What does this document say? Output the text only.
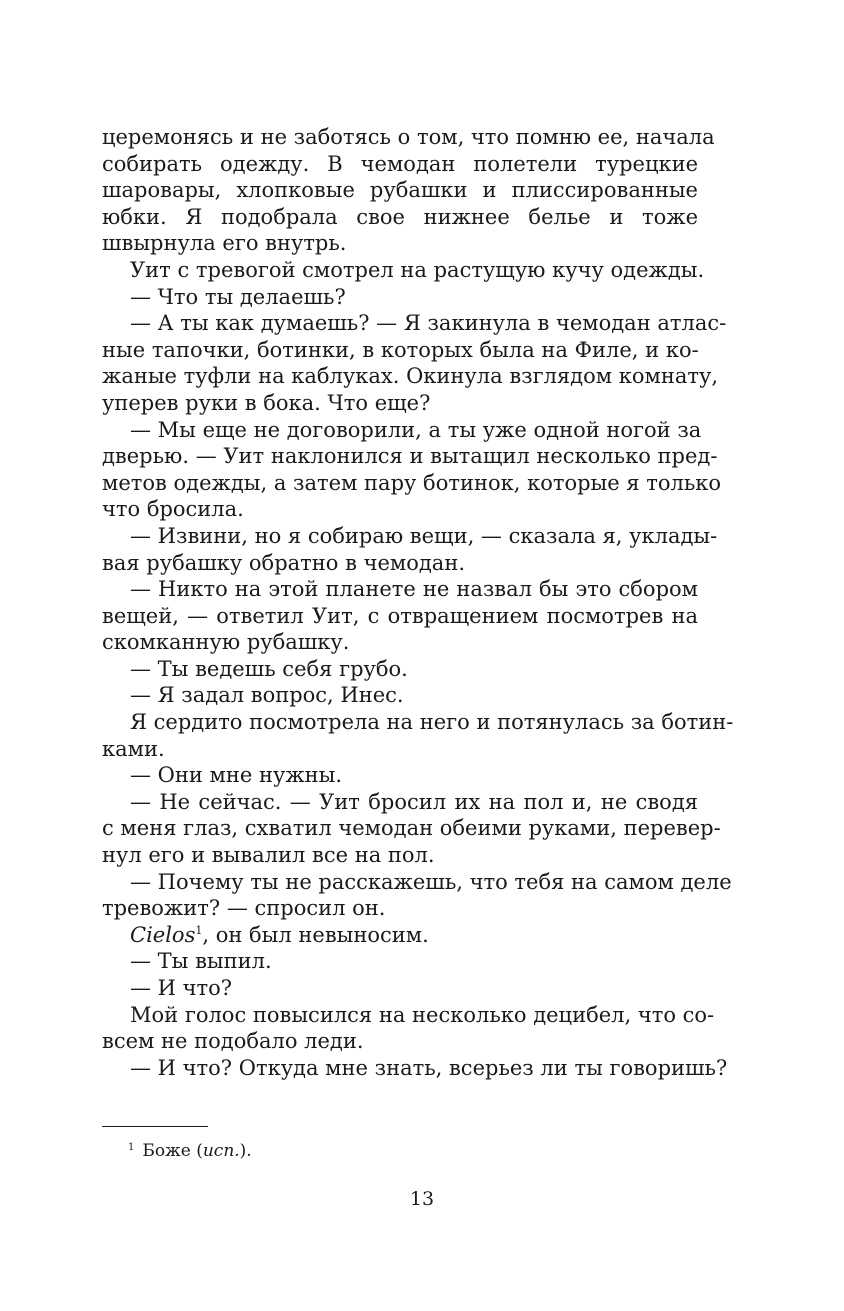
церемонясь и не заботясь о том, что помню ее, начала
собирать одежду. В чемодан полетели турецкие
шаровары, хлопковые рубашки и плиссированные
юбки. Я подобрала свое нижнее белье и тоже
швырнула его внутрь.
Уит с тревогой смотрел на растущую кучу одежды.
— Что ты делаешь?
— А ты как думаешь? — Я закинула в чемодан атлас-
ные тапочки, ботинки, в которых была на Филе, и ко-
жаные туфли на каблуках. Окинула взглядом комнату,
уперев руки в бока. Что еще?
— Мы еще не договорили, а ты уже одной ногой за
дверью. — Уит наклонился и вытащил несколько пред-
метов одежды, а затем пару ботинок, которые я только
что бросила.
— Извини, но я собираю вещи, — сказала я, уклады-
вая рубашку обратно в чемодан.
— Никто на этой планете не назвал бы это сбором
вещей, — ответил Уит, с отвращением посмотрев на
скомканную рубашку.
— Ты ведешь себя грубо.
— Я задал вопрос, Инес.
Я сердито посмотрела на него и потянулась за ботин-
ками.
— Они мне нужны.
— Не сейчас. — Уит бросил их на пол и, не сводя
с меня глаз, схватил чемодан обеими руками, перевер-
нул его и вывалил все на пол.
— Почему ты не расскажешь, что тебя на самом деле
тревожит? — спросил он.
Cielos$^1$, он был невыносим.
— Ты выпил.
— И что?
Мой голос повысился на несколько децибел, что со-
всем не подобало леди.
— И что? Откуда мне знать, всерьез ли ты говоришь?
$^1$ Боже (исп.).
13
